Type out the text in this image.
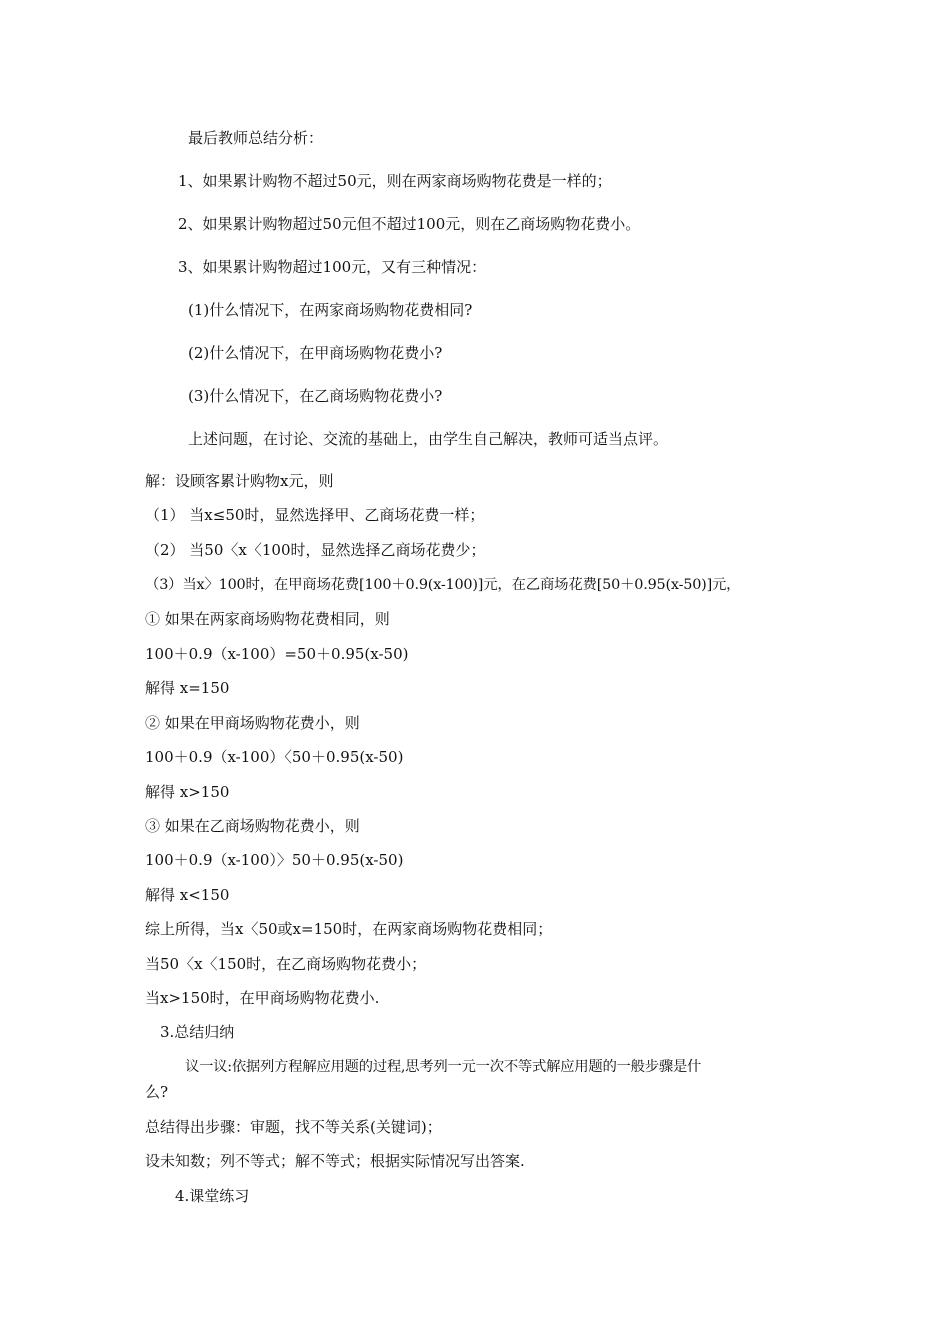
最后教师总结分析：
1、如果累计购物不超过50元，则在两家商场购物花费是一样的；
2、如果累计购物超过50元但不超过100元，则在乙商场购物花费小。
3、如果累计购物超过100元，又有三种情况：
(1)什么情况下，在两家商场购物花费相同?
(2)什么情况下，在甲商场购物花费小?
(3)什么情况下，在乙商场购物花费小?
上述问题，在讨论、交流的基础上，由学生自己解决，教师可适当点评。
解：设顾客累计购物x元，则
（1） 当x≤50时，显然选择甲、乙商场花费一样；
（2） 当50〈x〈100时，显然选择乙商场花费少；
（3）当x〉100时，在甲商场花费[100＋0.9(x-100)]元，在乙商场花费[50＋0.95(x-50)]元，
① 如果在两家商场购物花费相同，则
100＋0.9（x-100）=50＋0.95(x-50)
解得 x=150
② 如果在甲商场购物花费小，则
100＋0.9（x-100）〈50＋0.95(x-50)
解得 x>150
③ 如果在乙商场购物花费小，则
100＋0.9（x-100）〉50＋0.95(x-50)
解得 x<150
综上所得，当x〈50或x=150时，在两家商场购物花费相同；
当50〈x〈150时，在乙商场购物花费小；
当x>150时，在甲商场购物花费小.
3.总结归纳
议一议:依据列方程解应用题的过程,思考列一元一次不等式解应用题的一般步骤是什
么?
总结得出步骤：审题，找不等关系(关键词)；
设未知数；列不等式；解不等式；根据实际情况写出答案.
4.课堂练习
